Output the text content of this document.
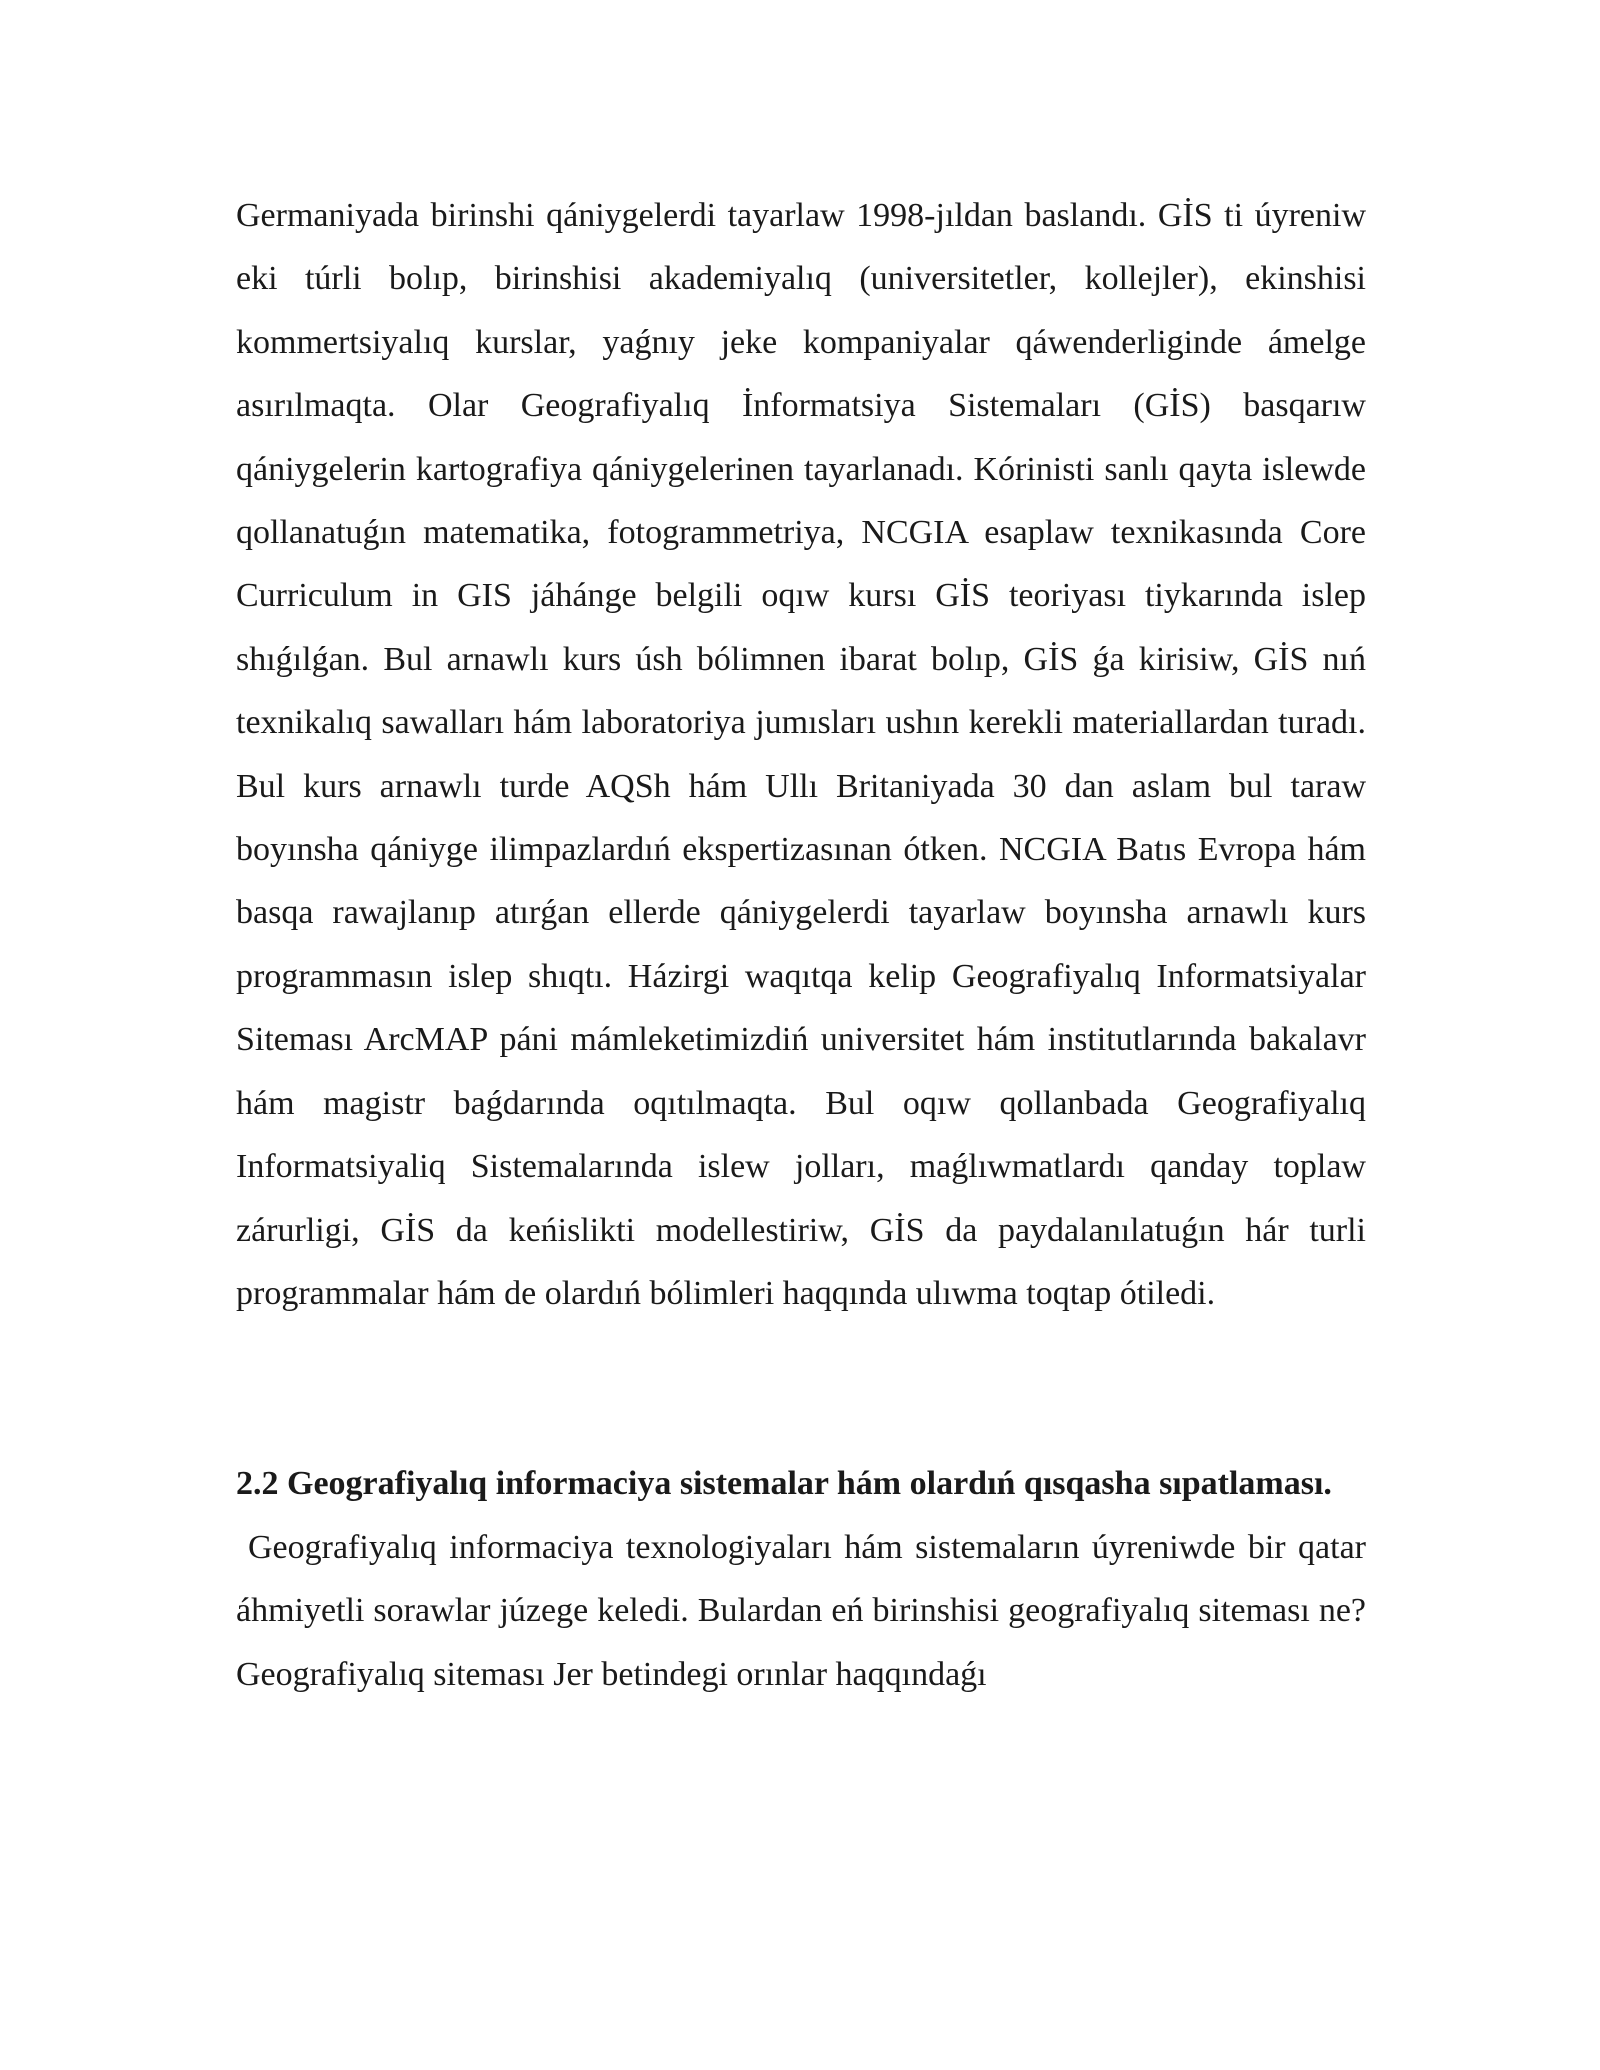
Germaniyada birinshi qániygelerdi tayarlaw 1998-jıldan baslandı. GİS ti úyreniw eki túrli bolıp, birinshisi akademiyalıq (universitetler, kollejler), ekinshisi kommertsiyalıq kurslar, yaǵnıy jeke kompaniyalar qáwenderliginde ámelge asırılmaqta. Olar Geografiyalıq İnformatsiya Sistemaları (GİS) basqarıw qániygelerin kartografiya qániygelerinen tayarlanadı. Kórinisti sanlı qayta islewde qollanatuǵın matematika, fotogrammetriya, NCGIA esaplaw texnikasında Core Curriculum in GIS jáhánge belgili oqıw kursı GİS teoriyası tiykarında islep shıǵılǵan. Bul arnawlı kurs úsh bólimnen ibarat bolıp, GİS ǵa kirisiw, GİS nıń texnikalıq sawalları hám laboratoriya jumısları ushın kerekli materiallardan turadı. Bul kurs arnawlı turde AQSh hám Ullı Britaniyada 30 dan aslam bul taraw boyınsha qániyge ilimpazlardıń ekspertizasınan ótken. NCGIA Batıs Evropa hám basqa rawajlanıp atırǵan ellerde qániygelerdi tayarlaw boyınsha arnawlı kurs programmasın islep shıqtı. Házirgi waqıtqa kelip Geografiyalıq Informatsiyalar Siteması ArcMAP páni mámleketimizdiń universitet hám institutlarında bakalavr hám magistr baǵdarında oqıtılmaqta. Bul oqıw qollanbada Geografiyalıq Informatsiyaliq Sistemalarında islew jolları, maǵlıwmatlardı qanday toplaw zárurligi, GİS da keńislikti modellestiriw, GİS da paydalanılatuǵın hár turli programmalar hám de olardıń bólimleri haqqında ulıwma toqtap ótiledi.

2.2 Geografiyalıq informaciya sistemalar hám olardıń qısqasha sıpatlaması.

Geografiyalıq informaciya texnologiyaları hám sistemaların úyreniwde bir qatar áhmiyetli sorawlar júzege keledi. Bulardan eń birinshisi geografiyalıq siteması ne? Geografiyalıq siteması Jer betindegi orınlar haqqındaǵı
